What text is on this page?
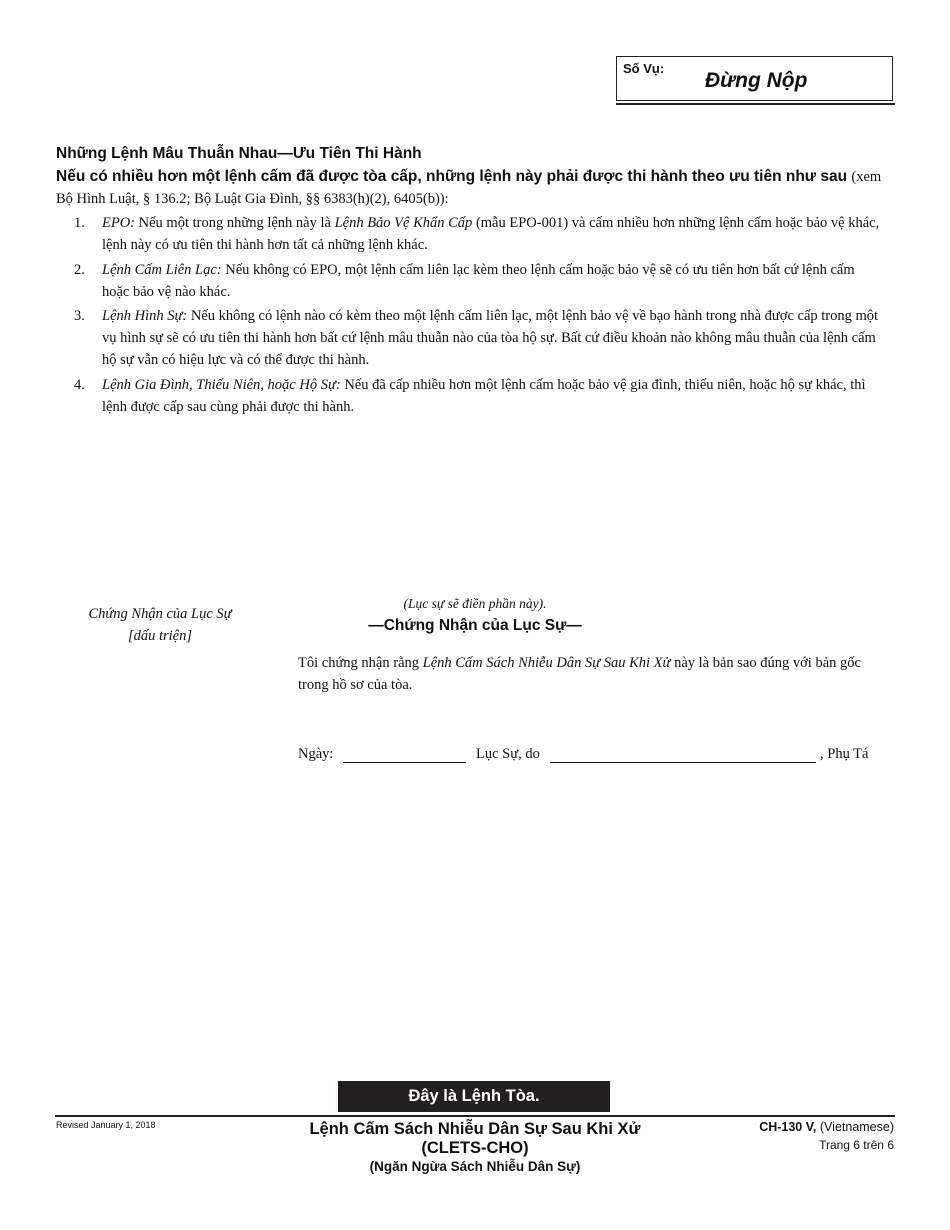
Số Vụ:
Đừng Nộp
Những Lệnh Mâu Thuẫn Nhau—Ưu Tiên Thi Hành
Nếu có nhiều hơn một lệnh cấm đã được tòa cấp, những lệnh này phải được thi hành theo ưu tiên như sau (xem Bộ Hình Luật, § 136.2; Bộ Luật Gia Đình, §§ 6383(h)(2), 6405(b)):
1. EPO: Nếu một trong những lệnh này là Lệnh Bảo Vệ Khẩn Cấp (mẫu EPO-001) và cấm nhiều hơn những lệnh cấm hoặc bảo vệ khác, lệnh này có ưu tiên thi hành hơn tất cả những lệnh khác.
2. Lệnh Cấm Liên Lạc: Nếu không có EPO, một lệnh cấm liên lạc kèm theo lệnh cấm hoặc bảo vệ sẽ có ưu tiên hơn bất cứ lệnh cấm hoặc bảo vệ nào khác.
3. Lệnh Hình Sự: Nếu không có lệnh nào có kèm theo một lệnh cấm liên lạc, một lệnh bảo vệ về bạo hành trong nhà được cấp trong một vụ hình sự sẽ có ưu tiên thi hành hơn bất cứ lệnh mâu thuẫn nào của tòa hộ sự. Bất cứ điều khoản nào không mâu thuẫn của lệnh cấm hộ sự vẫn có hiệu lực và có thể được thi hành.
4. Lệnh Gia Đình, Thiếu Niên, hoặc Hộ Sự: Nếu đã cấp nhiều hơn một lệnh cấm hoặc bảo vệ gia đình, thiếu niên, hoặc hộ sự khác, thì lệnh được cấp sau cùng phải được thi hành.
Chứng Nhận của Lục Sự
[dấu triện]
(Lục sự sẽ điền phần này).
—Chứng Nhận của Lục Sự—
Tôi chứng nhận rằng Lệnh Cấm Sách Nhiễu Dân Sự Sau Khi Xử này là bản sao đúng với bản gốc trong hồ sơ của tòa.
Ngày:	Lục Sự, do	, Phụ Tá
Đây là Lệnh Tòa.
Revised January 1, 2018	Lệnh Cấm Sách Nhiễu Dân Sự Sau Khi Xử
(CLETS-CHO)
(Ngăn Ngừa Sách Nhiễu Dân Sự)
CH-130 V, (Vietnamese)
Trang 6 trên 6
